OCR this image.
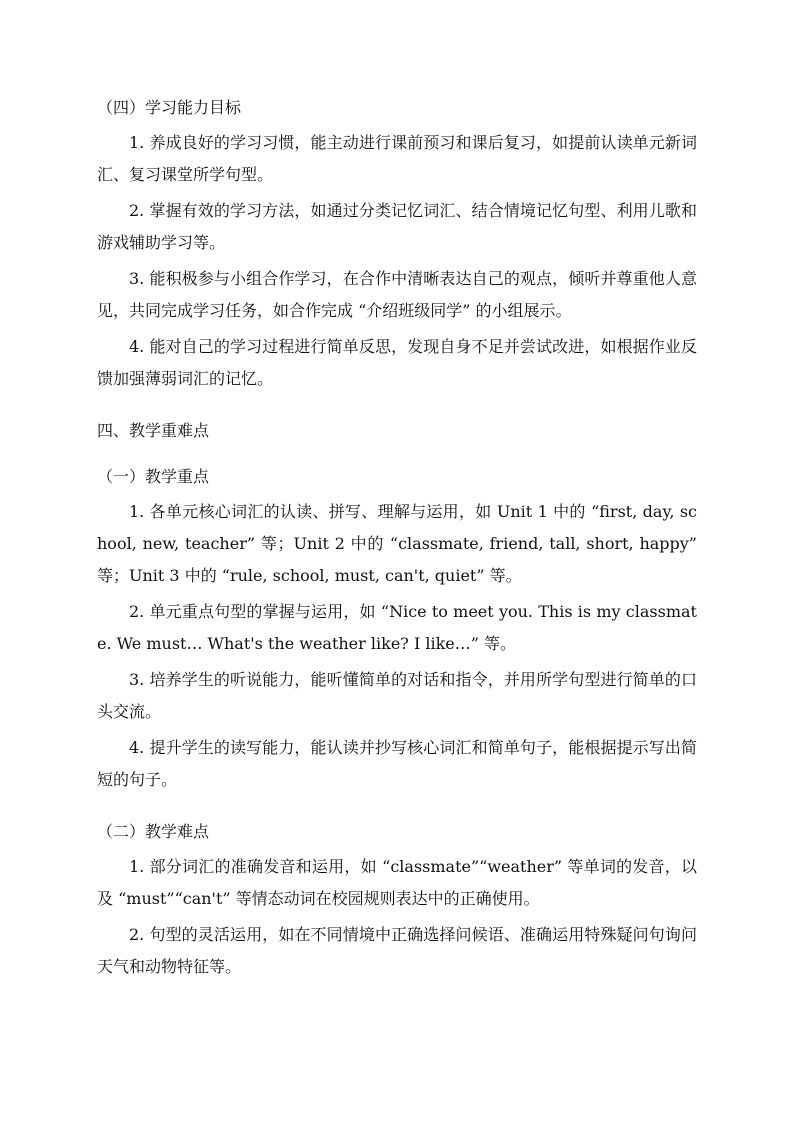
（四）学习能力目标

1. 养成良好的学习习惯，能主动进行课前预习和课后复习，如提前认读单元新词汇、复习课堂所学句型。

2. 掌握有效的学习方法，如通过分类记忆词汇、结合情境记忆句型、利用儿歌和游戏辅助学习等。

3. 能积极参与小组合作学习，在合作中清晰表达自己的观点，倾听并尊重他人意见，共同完成学习任务，如合作完成 “介绍班级同学” 的小组展示。

4. 能对自己的学习过程进行简单反思，发现自身不足并尝试改进，如根据作业反馈加强薄弱词汇的记忆。

四、教学重难点

（一）教学重点

1. 各单元核心词汇的认读、拼写、理解与运用，如 Unit 1 中的 “first, day, school, new, teacher” 等；Unit 2 中的 “classmate, friend, tall, short, happy” 等；Unit 3 中的 “rule, school, must, can't, quiet” 等。

2. 单元重点句型的掌握与运用，如 “Nice to meet you. This is my classmate. We must… What's the weather like? I like…” 等。

3. 培养学生的听说能力，能听懂简单的对话和指令，并用所学句型进行简单的口头交流。

4. 提升学生的读写能力，能认读并抄写核心词汇和简单句子，能根据提示写出简短的句子。

（二）教学难点

1. 部分词汇的准确发音和运用，如 “classmate”“weather” 等单词的发音，以及 “must”“can't” 等情态动词在校园规则表达中的正确使用。

2. 句型的灵活运用，如在不同情境中正确选择问候语、准确运用特殊疑问句询问天气和动物特征等。
